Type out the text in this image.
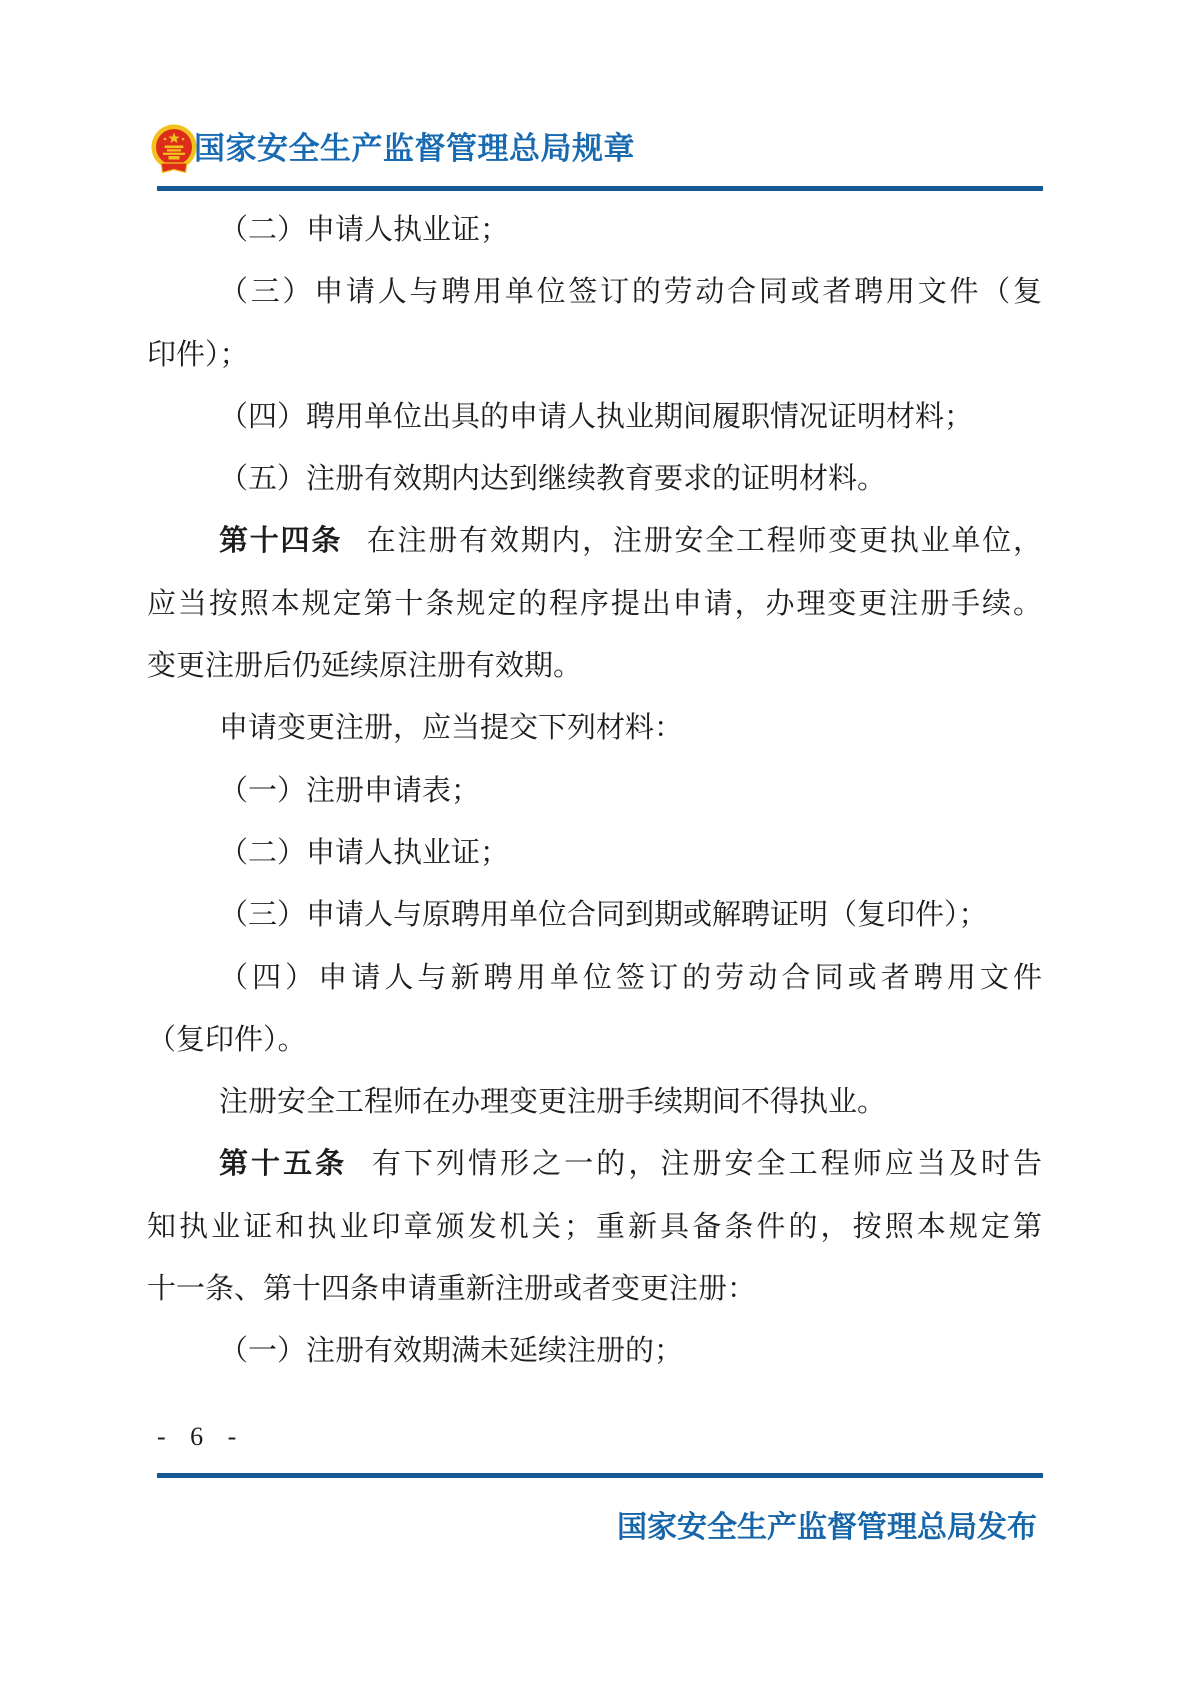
国家安全生产监督管理总局规章
（二）申请人执业证；
（三）申请人与聘用单位签订的劳动合同或者聘用文件（复
印件）；
（四）聘用单位出具的申请人执业期间履职情况证明材料；
（五）注册有效期内达到继续教育要求的证明材料。
第十四条 在注册有效期内，注册安全工程师变更执业单位，
应当按照本规定第十条规定的程序提出申请，办理变更注册手续。
变更注册后仍延续原注册有效期。
申请变更注册，应当提交下列材料：
（一）注册申请表；
（二）申请人执业证；
（三）申请人与原聘用单位合同到期或解聘证明（复印件）；
（四）申请人与新聘用单位签订的劳动合同或者聘用文件
（复印件）。
注册安全工程师在办理变更注册手续期间不得执业。
第十五条 有下列情形之一的，注册安全工程师应当及时告
知执业证和执业印章颁发机关；重新具备条件的，按照本规定第
十一条、第十四条申请重新注册或者变更注册：
（一）注册有效期满未延续注册的；
- 6 -
国家安全生产监督管理总局发布
